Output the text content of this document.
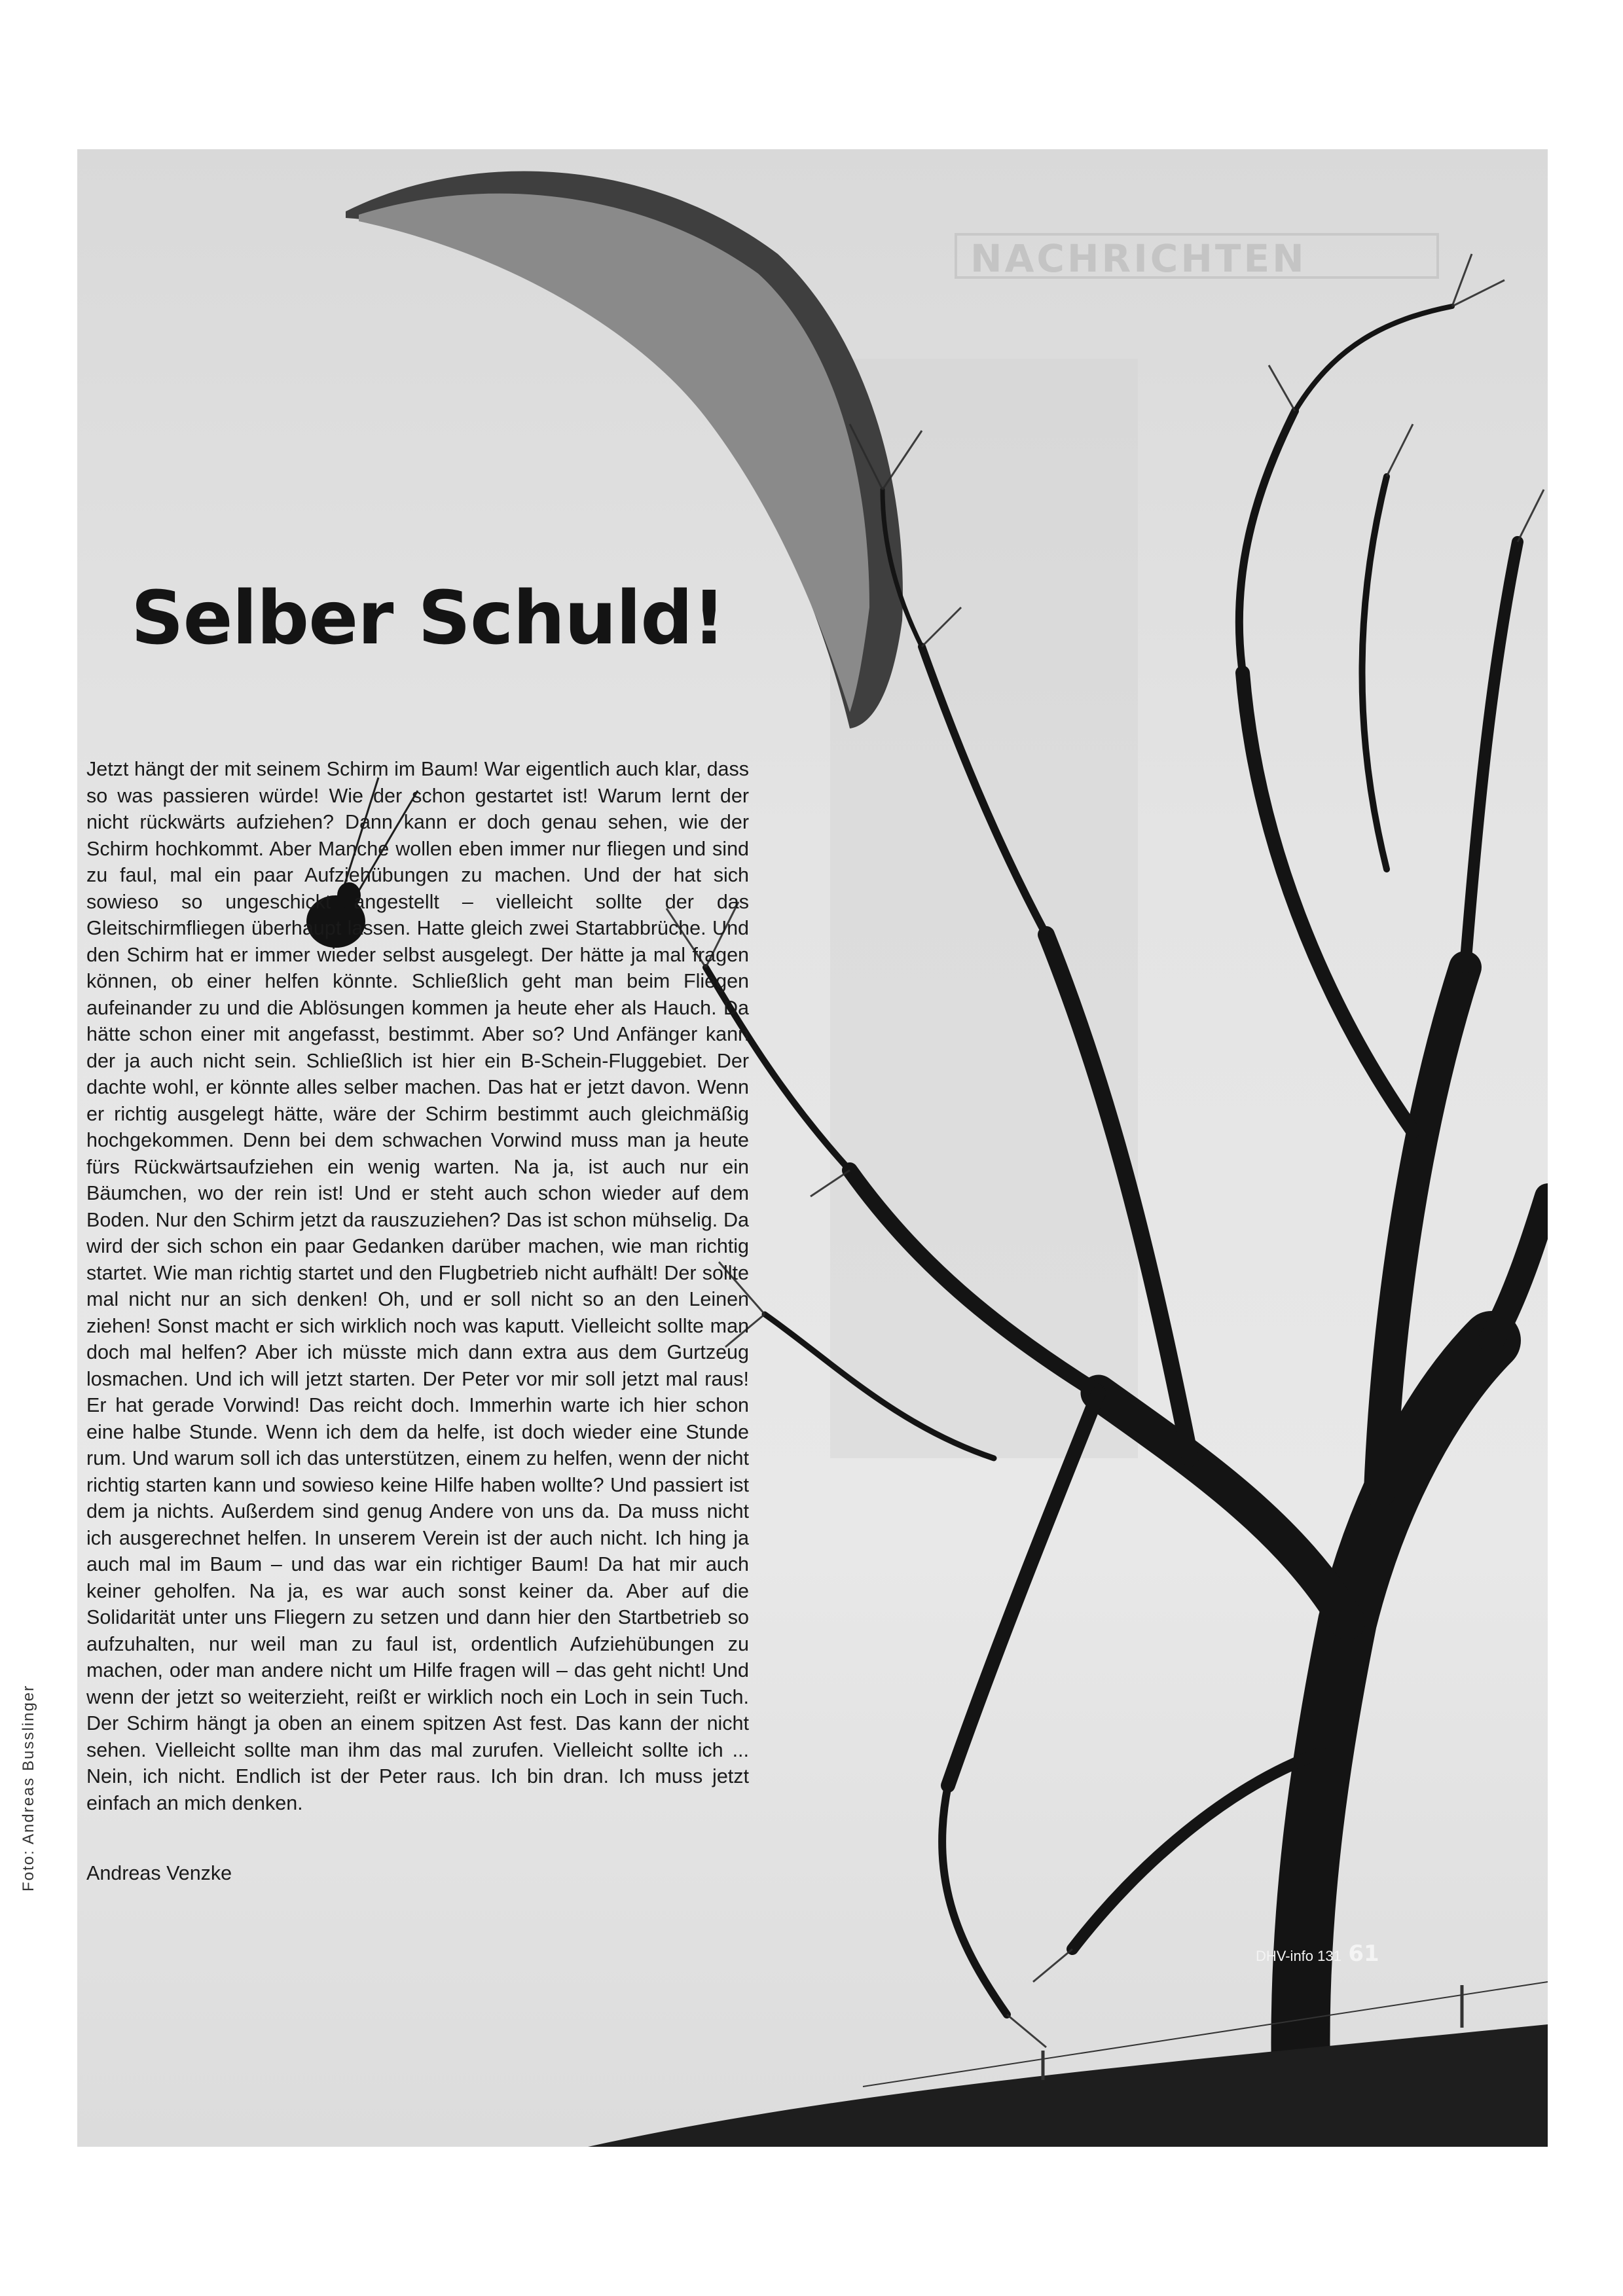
NACHRICHTEN
Selber Schuld!

Jetzt hängt der mit seinem Schirm im Baum! War eigentlich auch klar, dass so was passieren würde! Wie der schon gestartet ist! Warum lernt der nicht rückwärts aufziehen? Dann kann er doch genau sehen, wie der Schirm hochkommt. Aber Manche wollen eben immer nur fliegen und sind zu faul, mal ein paar Aufziehübungen zu machen. Und der hat sich sowieso so ungeschickt angestellt – vielleicht sollte der das Gleitschirmfliegen überhaupt lassen. Hatte gleich zwei Startabbrüche. Und den Schirm hat er immer wieder selbst ausgelegt. Der hätte ja mal fragen können, ob einer helfen könnte. Schließlich geht man beim Fliegen aufeinander zu und die Ablösungen kommen ja heute eher als Hauch. Da hätte schon einer mit angefasst, bestimmt. Aber so? Und Anfänger kann der ja auch nicht sein. Schließlich ist hier ein B-Schein-Fluggebiet. Der dachte wohl, er könnte alles selber machen. Das hat er jetzt davon. Wenn er richtig ausgelegt hätte, wäre der Schirm bestimmt auch gleichmäßig hochgekommen. Denn bei dem schwachen Vorwind muss man ja heute fürs Rückwärtsaufziehen ein wenig warten. Na ja, ist auch nur ein Bäumchen, wo der rein ist! Und er steht auch schon wieder auf dem Boden. Nur den Schirm jetzt da rauszuziehen? Das ist schon mühselig. Da wird der sich schon ein paar Gedanken darüber machen, wie man richtig startet. Wie man richtig startet und den Flugbetrieb nicht aufhält! Der sollte mal nicht nur an sich denken! Oh, und er soll nicht so an den Leinen ziehen! Sonst macht er sich wirklich noch was kaputt. Vielleicht sollte man doch mal helfen? Aber ich müsste mich dann extra aus dem Gurtzeug losmachen. Und ich will jetzt starten. Der Peter vor mir soll jetzt mal raus! Er hat gerade Vorwind! Das reicht doch. Immerhin warte ich hier schon eine halbe Stunde. Wenn ich dem da helfe, ist doch wieder eine Stunde rum. Und warum soll ich das unterstützen, einem zu helfen, wenn der nicht richtig starten kann und sowieso keine Hilfe haben wollte? Und passiert ist dem ja nichts. Außerdem sind genug Andere von uns da. Da muss nicht ich ausgerechnet helfen. In unserem Verein ist der auch nicht. Ich hing ja auch mal im Baum – und das war ein richtiger Baum! Da hat mir auch keiner geholfen. Na ja, es war auch sonst keiner da. Aber auf die Solidarität unter uns Fliegern zu setzen und dann hier den Startbetrieb so aufzuhalten, nur weil man zu faul ist, ordentlich Aufziehübungen zu machen, oder man andere nicht um Hilfe fragen will – das geht nicht! Und wenn der jetzt so weiterzieht, reißt er wirklich noch ein Loch in sein Tuch. Der Schirm hängt ja oben an einem spitzen Ast fest. Das kann der nicht sehen. Vielleicht sollte man ihm das mal zurufen. Vielleicht sollte ich ... Nein, ich nicht. Endlich ist der Peter raus. Ich bin dran. Ich muss jetzt einfach an mich denken.

Andreas Venzke

Foto: Andreas Busslinger
DHV-info 131 61
